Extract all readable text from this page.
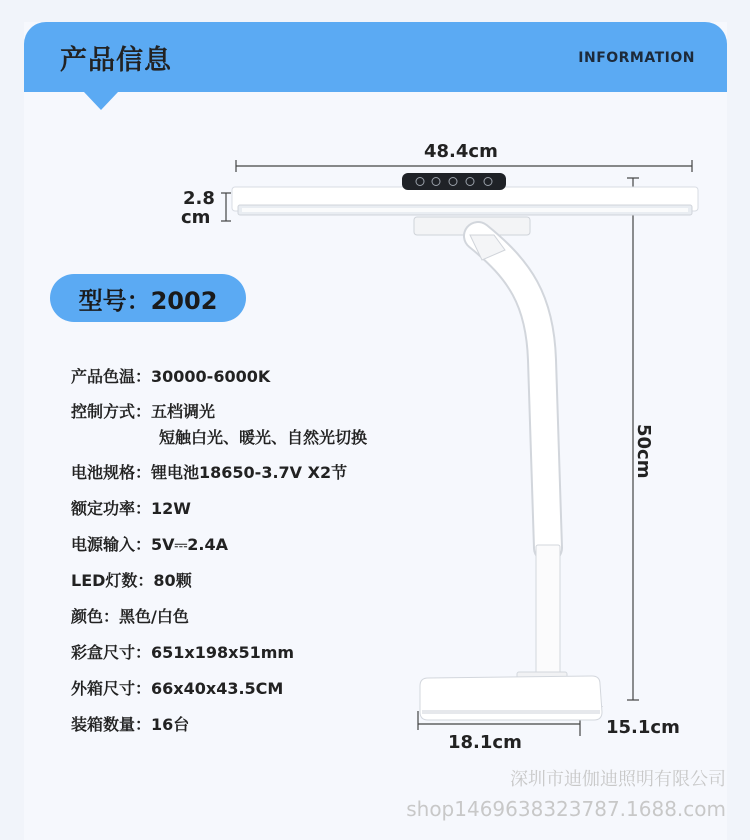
产品信息	INFORMATION
48.4cm
2.8
cm
50cm
18.1cm
15.1cm
型号：2002
产品色温：30000-6000K
控制方式：五档调光
短触白光、暖光、自然光切换
电池规格：锂电池18650-3.7V X2节
额定功率：12W
电源输入：5V⎓2.4A
LED灯数：80颗
颜色：黑色/白色
彩盒尺寸：651x198x51mm
外箱尺寸：66x40x43.5CM
装箱数量：16台
深圳市迪伽迪照明有限公司
shop1469638323787.1688.com
